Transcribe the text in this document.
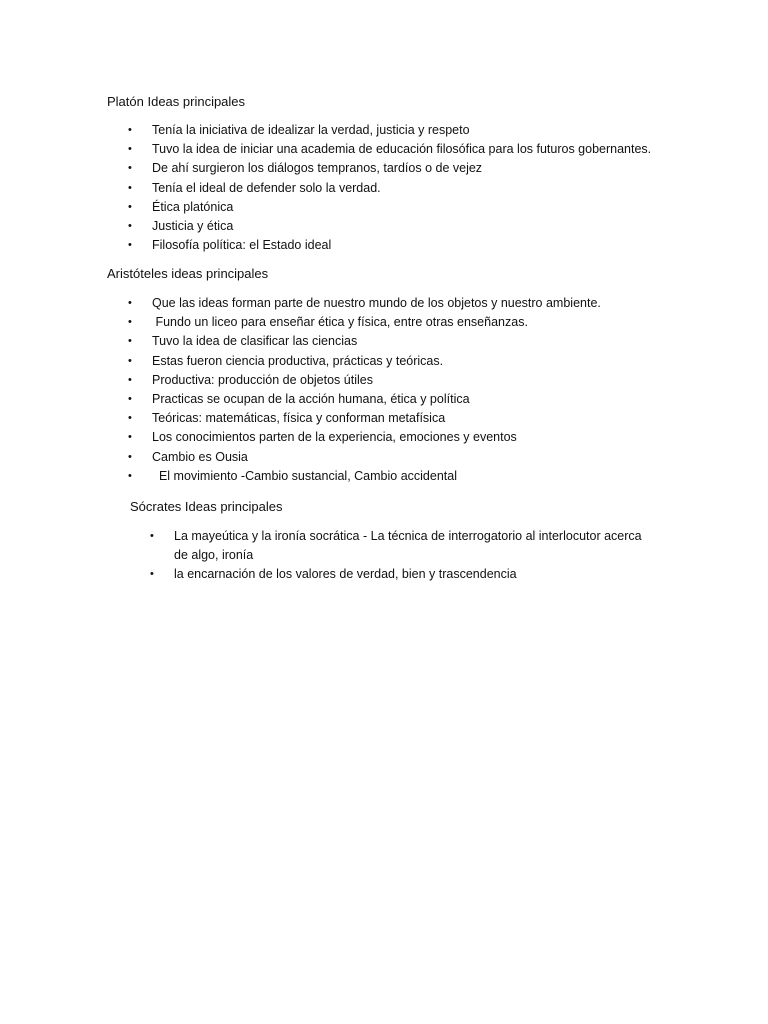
Platón Ideas principales

• Tenía la iniciativa de idealizar la verdad, justicia y respeto
• Tuvo la idea de iniciar una academia de educación filosófica para los futuros gobernantes.
• De ahí surgieron los diálogos tempranos, tardíos o de vejez
• Tenía el ideal de defender solo la verdad.
• Ética platónica
• Justicia y ética
• Filosofía política: el Estado ideal

Aristóteles ideas principales

• Que las ideas forman parte de nuestro mundo de los objetos y nuestro ambiente.
• Fundo un liceo para enseñar ética y física, entre otras enseñanzas.
• Tuvo la idea de clasificar las ciencias
• Estas fueron ciencia productiva, prácticas y teóricas.
• Productiva: producción de objetos útiles
• Practicas se ocupan de la acción humana, ética y política
• Teóricas: matemáticas, física y conforman metafísica
• Los conocimientos parten de la experiencia, emociones y eventos
• Cambio es Ousia
• El movimiento -Cambio sustancial, Cambio accidental

Sócrates Ideas principales

• La mayeútica y la ironía socrática - La técnica de interrogatorio al interlocutor acerca de algo, ironía
• la encarnación de los valores de verdad, bien y trascendencia
